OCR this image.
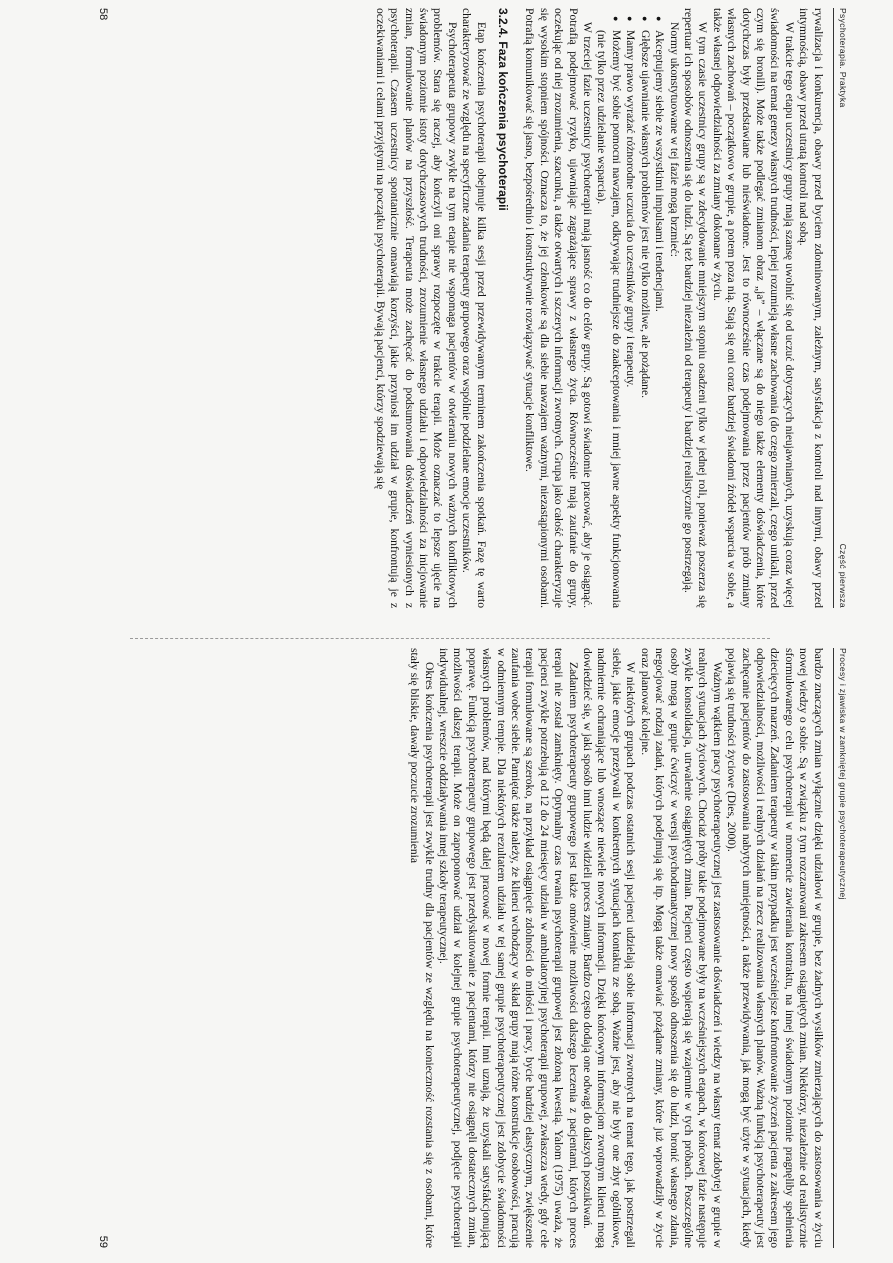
Psychoterapia. Praktyka
Część pierwsza

rywalizacja i konkurencja, obawy przed byciem zdominowanym, zależnym, satysfakcja z kontroli nad innymi, obawy przed intymnością, obawy przed utratą kontroli nad sobą.

W trakcie tego etapu uczestnicy grupy mają szansę uwolnić się od uczuć dotyczących nieujawnianych, uzyskują coraz więcej świadomości na temat genezy własnych trudności, lepiej rozumieją własne zachowania (do czego zmierzali, czego unikali, przed czym się bronili). Może także podlegać zmianom obraz „ja” – włączane są do niego także elementy doświadczenia, które dotychczas były przedstawiane lub nieświadome. Jest to równocześnie czas podejmowania przez pacjentów prób zmiany własnych zachowań – początkowo w grupie, a potem poza nią. Stają się oni coraz bardziej świadomi źródeł wsparcia w sobie, a także własnej odpowiedzialności za zmiany dokonane w życiu.

W tym czasie uczestnicy grupy są w zdecydowanie mniejszym stopniu osadzeni tylko w jednej roli, ponieważ poszerza się repertuar ich sposobów odnoszenia się do ludzi. Są też bardziej niezależni od terapeuty i bardziej realistycznie go postrzegają.

Normy ukonstytuowane w tej fazie mogą brzmieć:

● Akceptujemy siebie ze wszystkimi impulsami i tendencjami.
● Głębsze ujawnianie własnych problemów jest nie tylko możliwe, ale pożądane.
● Mamy prawo wyrażać różnorodne uczucia do uczestników grupy i terapeuty.
● Możemy być sobie pomocni nawzajem, odkrywając trudniejsze do zaakceptowania i mniej jawne aspekty funkcjonowania (nie tylko przez udzielanie wsparcia).

W trzeciej fazie uczestnicy psychoterapii mają jasność co do celów grupy. Są gotowi świadomie pracować, aby je osiągnąć. Potrafią podejmować ryzyko, ujawniając zagrażające sprawy z własnego życia. Równocześnie mają zaufanie do grupy, oczekując od niej zrozumienia, szacunku, a także otwartych i szczerych informacji zwrotnych. Grupa jako całość charakteryzuje się wysokim stopniem spójności. Oznacza to, że jej członkowie są dla siebie nawzajem ważnymi, niezastąpionymi osobami. Potrafią komunikować się jasno, bezpośrednio i konstruktywnie rozwiązywać sytuacje konfliktowe.

3.2.4. Faza kończenia psychoterapii

Etap kończenia psychoterapii obejmuje kilka sesji przed przewidywanym terminem zakończenia spotkań. Fazę tę warto charakteryzować ze względu na specyficzne zadania terapeuty grupowego oraz wspólnie podzielane emocje uczestników.

Psychoterapeuta grupowy zwykle na tym etapie nie wspomaga pacjentów w otwieraniu nowych ważnych konfliktowych problemów. Stara się raczej, aby kończyli oni sprawy rozpoczęte w trakcie terapii. Może oznaczać to lepsze ujęcie na świadomym poziomie istoty dotychczasowych trudności, zrozumienie własnego udziału i odpowiedzialności za inicjowanie zmian, formułowanie planów na przyszłość. Terapeuta może zachęcać do podsumowania doświadczeń wyniesionych z psychoterapii. Czasem uczestnicy spontanicznie omawiają korzyści, jakie przyniosł im udział w grupie, konfrontują je z oczekiwaniami i celami przyjętymi na początku psychoterapii. Bywają pacjenci, którzy spodziewają się

58
Procesy i zjawiska w zamkniętej grupie psychoterapeutycznej

bardzo znaczących zmian wyłącznie dzięki udziałowi w grupie, bez żadnych wysiłków zmierzających do zastosowania w życiu nowej wiedzy o sobie. Są w związku z tym rozczarowani zakresem osiągniętych zmian. Niektórzy, niezależnie od realistycznie sformułowanego celu psychoterapii w momencie zawierania kontraktu, na innej świadomym poziomie pragnęliby spełnienia dziecięcych marzeń. Zadaniem terapeuty w takim przypadku jest wcześniejsze konfrontowanie życzeń pacjenta z zakresem jego odpowiedzialności, możliwości i realnych działań na rzecz realizowania własnych planów. Ważną funkcją psychoterapeuty jest zachęcanie pacjentów do zastosowania nabytych umiejętności, a także przewidywania, jak mogą być użyte w sytuacjach, kiedy pojawią się trudności życiowe (Dies, 2000).

Ważnym wątkiem pracy psychoterapeutycznej jest zastosowanie doświadczeń i wiedzy na własny temat zdobytej w grupie w realnych sytuacjach życiowych. Chociaż próby takie podejmowane były na wcześniejszych etapach, w końcowej fazie następuje zwykle konsolidacja, utrwalenie osiągniętych zmian. Pacjenci często wspierają się wzajemnie w tych próbach. Poszczególne osoby mogą w grupie ćwiczyć w wersji psychodramatycznej nowy sposób odnoszenia się do ludzi, bronić własnego zdania, negocjować rodzaj zadań, których podejmują się itp. Mogą także omawiać pożądane zmiany, które już wprowadziły w życie oraz planować kolejne.

W niektórych grupach podczas ostatnich sesji pacjenci udzielają sobie informacji zwrotnych na temat tego, jak postrzegali siebie, jakie emocje przeżywali w konkretnych sytuacjach kontaktu ze sobą. Ważne jest, aby nie były one zbyt ogólnikowe, nadmiernie ochraniające lub wnoszące niewiele nowych informacji. Dzięki końcowym informacjom zwrotnym klienci mogą dowiedzieć się, w jaki sposób inni ludzie widzieli proces zmiany. Bardzo często dodają one odwagi do dalszych poszukiwań.

Zadaniem psychoterapeuty grupowego jest także omówienie możliwości dalszego leczenia z pacjentami, których proces terapii nie został zamknięty. Optymalny czas trwania psychoterapii grupowej jest złożoną kwestią. Yalom (1975) uważa, że pacjenci zwykle potrzebują od 12 do 24 miesięcy udziału w ambulatoryjnej psychoterapii grupowej, zwłaszcza wtedy, gdy cele terapii formułowane są szeroko, na przykład osiągnięcie zdolności do miłości i pracy, bycie bardziej elastycznym, zwiększenie zaufania wobec siebie. Pamiętać także należy, że klienci wchodzący w skład grupy mają różne konstrukcje osobowości, pracują w odmiennym tempie. Dla niektórych rezultatem udziału w tej samej grupie psychoterapeutycznej jest zdobycie świadomości własnych problemów, nad którymi będą dalej pracować w nowej formie terapii. Inni uznają, że uzyskali satysfakcjonującą poprawę. Funkcją psychoterapeuty grupowego jest przedyskutowanie z pacjentami, którzy nie osiągnęli dostatecznych zmian, możliwości dalszej terapii. Może on zaproponować udział w kolejnej grupie psychoterapeutycznej, podjęcie psychoterapii indywidualnej, wreszcie oddziaływania innej szkoły terapeutycznej.

Okres kończenia psychoterapii jest zwykle trudny dla pacjentów ze względu na konieczność rozstania się z osobami, które stały się bliskie, dawały poczucie zrozumienia

59
